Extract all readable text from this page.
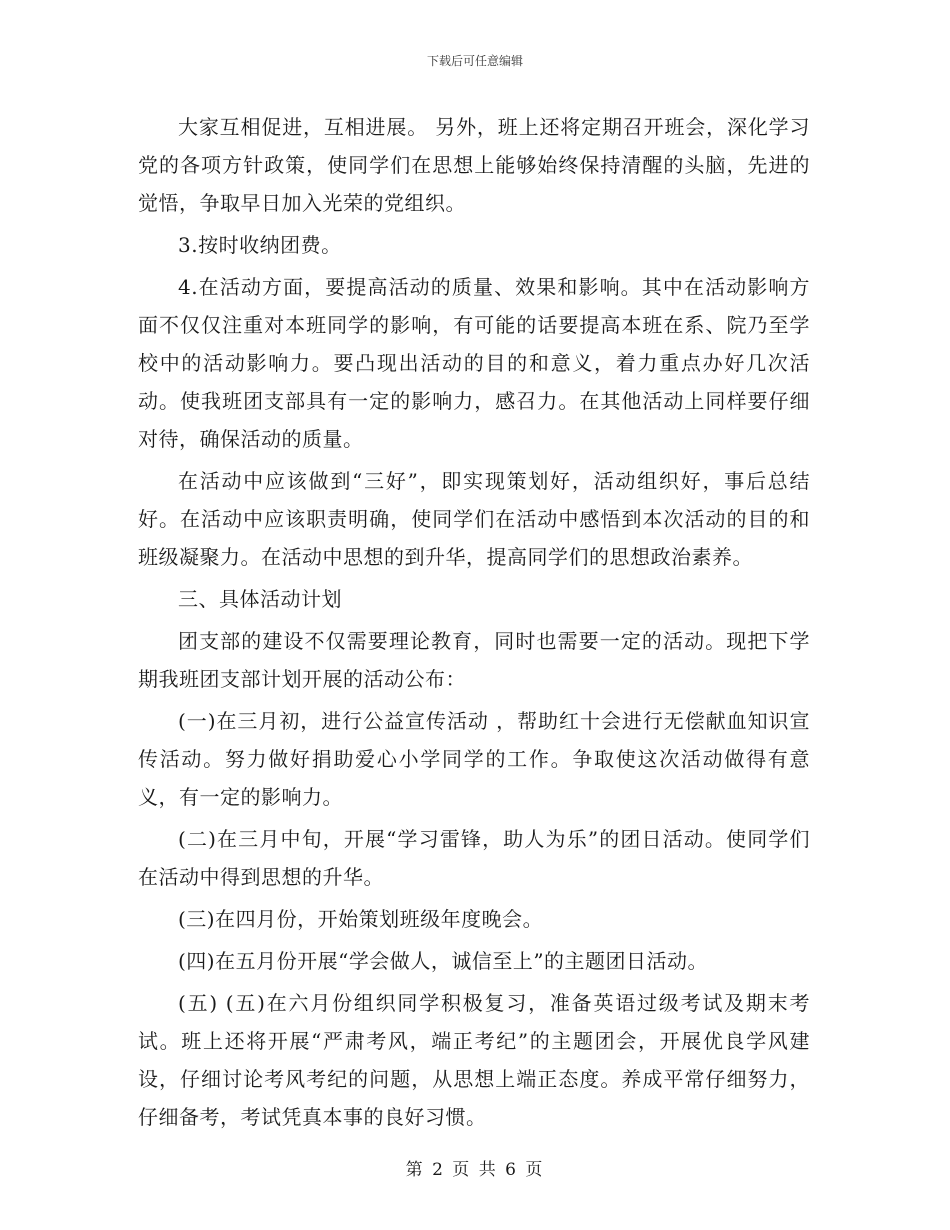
下载后可任意编辑

大家互相促进，互相进展。 另外，班上还将定期召开班会，深化学习党的各项方针政策，使同学们在思想上能够始终保持清醒的头脑，先进的觉悟，争取早日加入光荣的党组织。

3.按时收纳团费。

4.在活动方面，要提高活动的质量、效果和影响。其中在活动影响方面不仅仅注重对本班同学的影响，有可能的话要提高本班在系、院乃至学校中的活动影响力。要凸现出活动的目的和意义，着力重点办好几次活动。使我班团支部具有一定的影响力，感召力。在其他活动上同样要仔细对待，确保活动的质量。

在活动中应该做到“三好”，即实现策划好，活动组织好，事后总结好。在活动中应该职责明确，使同学们在活动中感悟到本次活动的目的和班级凝聚力。在活动中思想的到升华，提高同学们的思想政治素养。

三、具体活动计划

团支部的建设不仅需要理论教育，同时也需要一定的活动。现把下学期我班团支部计划开展的活动公布：

(一)在三月初，进行公益宣传活动 ，帮助红十会进行无偿献血知识宣传活动。努力做好捐助爱心小学同学的工作。争取使这次活动做得有意义，有一定的影响力。

(二)在三月中旬，开展“学习雷锋，助人为乐”的团日活动。使同学们在活动中得到思想的升华。

(三)在四月份，开始策划班级年度晚会。

(四)在五月份开展“学会做人，诚信至上”的主题团日活动。

(五) (五)在六月份组织同学积极复习，准备英语过级考试及期末考试。班上还将开展“严肃考风，端正考纪”的主题团会，开展优良学风建设，仔细讨论考风考纪的问题，从思想上端正态度。养成平常仔细努力，仔细备考，考试凭真本事的良好习惯。

第 2 页 共 6 页
